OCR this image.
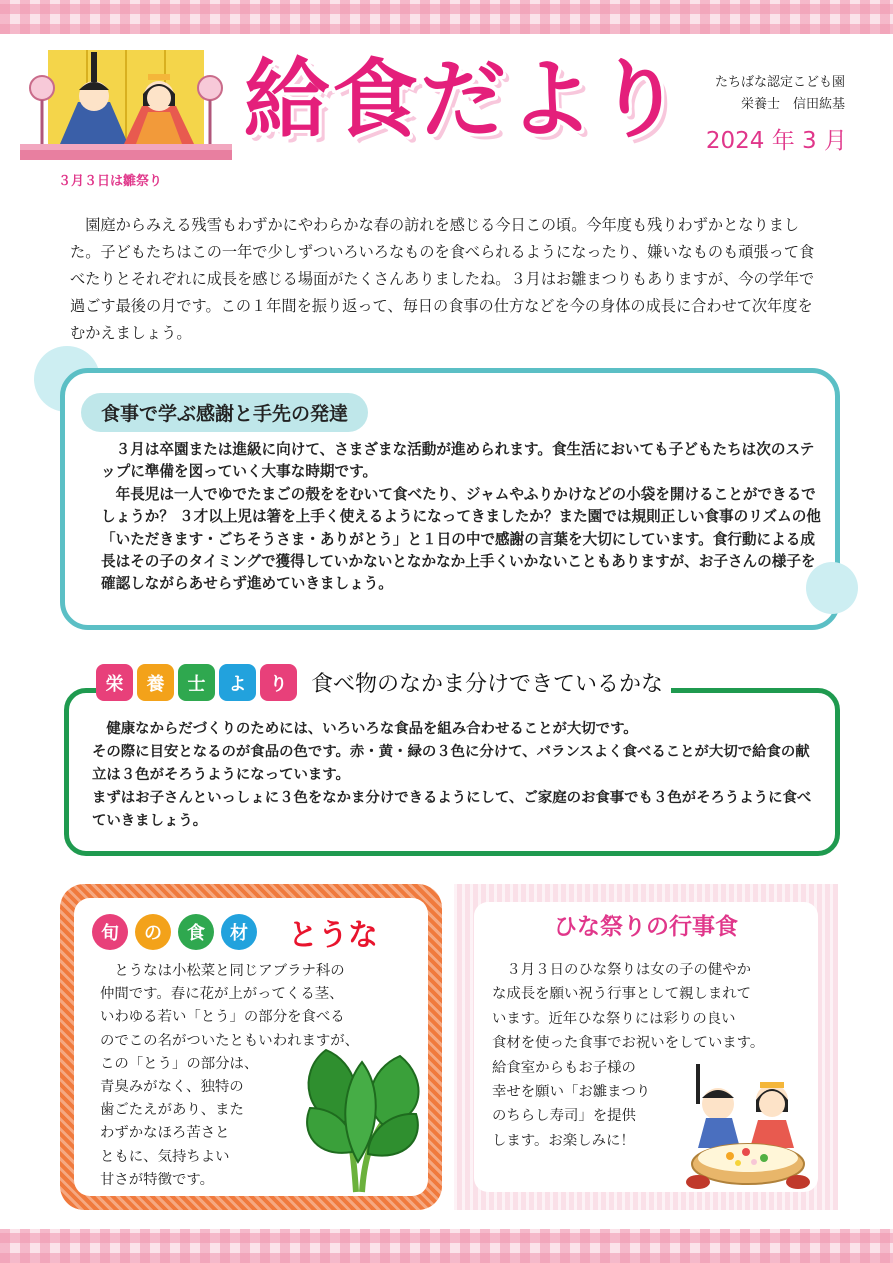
３月３日は雛祭り
給食だより たちばな認定こども園
栄養士　信田紘基
2024 年 3 月

園庭からみえる残雪もわずかにやわらかな春の訪れを感じる今日この頃。今年度も残りわずかとなりました。子どもたちはこの一年で少しずついろいろなものを食べられるようになったり、嫌いなものも頑張って食べたりとそれぞれに成長を感じる場面がたくさんありましたね。３月はお雛まつりもありますが、今の学年で過ごす最後の月です。この１年間を振り返って、毎日の食事の仕方などを今の身体の成長に合わせて次年度をむかえましょう。

食事で学ぶ感謝と手先の発達

３月は卒園または進級に向けて、さまざまな活動が進められます。食生活においても子どもたちは次のステップに準備を図っていく大事な時期です。

年長児は一人でゆでたまごの殻ををむいて食べたり、ジャムやふりかけなどの小袋を開けることができるでしょうか？ ３才以上児は箸を上手く使えるようになってきましたか？また園では規則正しい食事のリズムの他「いただきます・ごちそうさま・ありがとう」と１日の中で感謝の言葉を大切にしています。食行動による成長はその子のタイミングで獲得していかないとなかなか上手くいかないこともありますが、お子さんの様子を確認しながらあせらず進めていきましょう。

栄	養	士	よ	り	食べ物のなかま分けできているかな

　健康なからだづくりのためには、いろいろな食品を組み合わせることが大切です。

その際に目安となるのが食品の色です。赤・黄・緑の３色に分けて、バランスよく食べることが大切で給食の献立は３色がそろうようになっています。

まずはお子さんといっしょに３色をなかま分けできるようにして、ご家庭のお食事でも３色がそろうように食べていきましょう。

旬	の	食	材	とうな
　とうなは小松菜と同じアブラナ科の
仲間です。春に花が上がってくる茎、
いわゆる若い「とう」の部分を食べる
のでこの名がついたともいわれますが、
この「とう」の部分は、
青臭みがなく、独特の
歯ごたえがあり、また
わずかなほろ苦さと
ともに、気持ちよい
甘さが特徴です。
ひな祭りの行事食
　３月３日のひな祭りは女の子の健やか
な成長を願い祝う行事として親しまれて
います。近年ひな祭りには彩りの良い
食材を使った食事でお祝いをしています。
給食室からもお子様の
幸せを願い「お雛まつり
のちらし寿司」を提供
します。お楽しみに！
